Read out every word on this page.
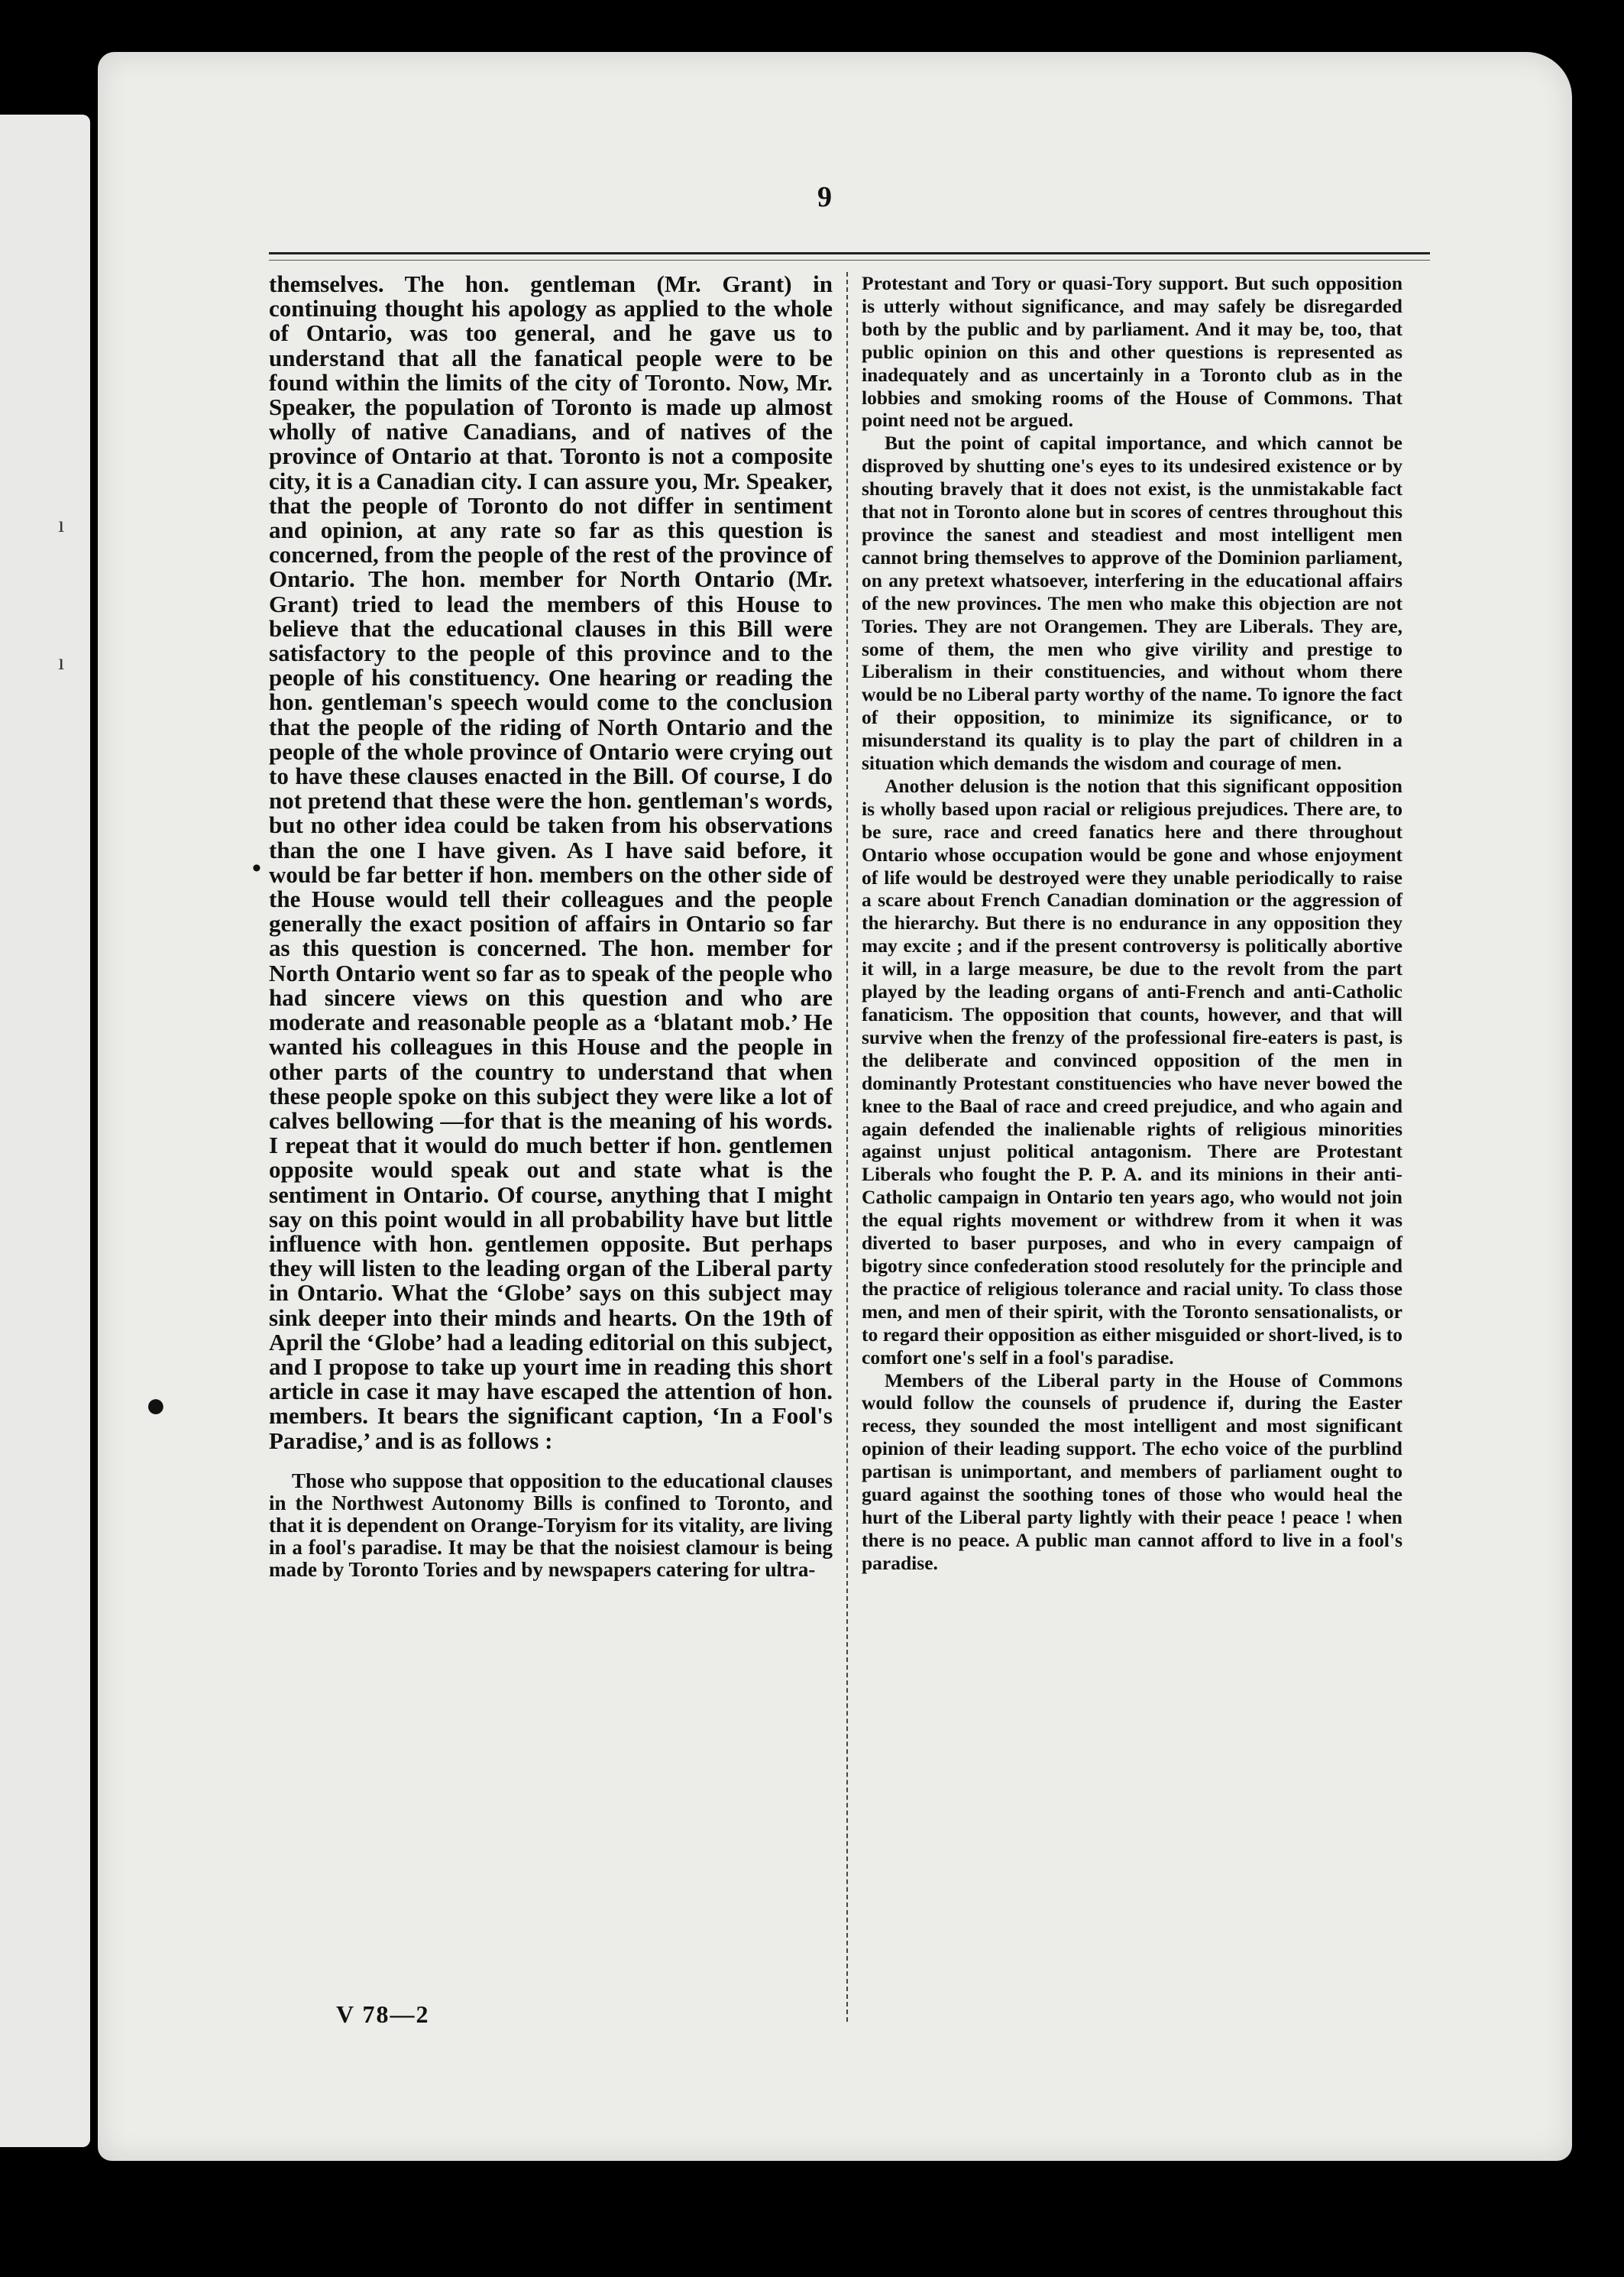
ı
ı
9

themselves. The hon. gentleman (Mr. Grant) in continuing thought his apology as applied to the whole of Ontario, was too general, and he gave us to understand that all the fanatical people were to be found within the limits of the city of Toronto. Now, Mr. Speaker, the population of Toronto is made up almost wholly of native Canadians, and of natives of the province of Ontario at that. Toronto is not a composite city, it is a Canadian city. I can assure you, Mr. Speaker, that the people of Toronto do not differ in sentiment and opinion, at any rate so far as this question is concerned, from the people of the rest of the province of Ontario. The hon. member for North Ontario (Mr. Grant) tried to lead the members of this House to believe that the educational clauses in this Bill were satisfactory to the people of this province and to the people of his constituency. One hearing or reading the hon. gentleman's speech would come to the conclusion that the people of the riding of North Ontario and the people of the whole province of Ontario were crying out to have these clauses enacted in the Bill. Of course, I do not pretend that these were the hon. gentleman's words, but no other idea could be taken from his observations than the one I have given. As I have said before, it would be far better if hon. members on the other side of the House would tell their colleagues and the people generally the exact position of affairs in Ontario so far as this question is concerned. The hon. member for North Ontario went so far as to speak of the people who had sincere views on this question and who are moderate and reasonable people as a ‘blatant mob.’ He wanted his colleagues in this House and the people in other parts of the country to understand that when these people spoke on this subject they were like a lot of calves bellowing —for that is the meaning of his words. I repeat that it would do much better if hon. gentlemen opposite would speak out and state what is the sentiment in Ontario. Of course, anything that I might say on this point would in all probability have but little influence with hon. gentlemen opposite. But perhaps they will listen to the leading organ of the Liberal party in Ontario. What the ‘Globe’ says on this subject may sink deeper into their minds and hearts. On the 19th of April the ‘Globe’ had a leading editorial on this subject, and I propose to take up yourt ime in reading this short article in case it may have escaped the attention of hon. members. It bears the significant caption, ‘In a Fool's Paradise,’ and is as follows :

Those who suppose that opposition to the educational clauses in the Northwest Autonomy Bills is confined to Toronto, and that it is dependent on Orange-Toryism for its vitality, are living in a fool's paradise. It may be that the noisiest clamour is being made by Toronto Tories and by newspapers catering for ultra-

Protestant and Tory or quasi-Tory support. But such opposition is utterly without significance, and may safely be disregarded both by the public and by parliament. And it may be, too, that public opinion on this and other questions is represented as inadequately and as uncertainly in a Toronto club as in the lobbies and smoking rooms of the House of Commons. That point need not be argued.

But the point of capital importance, and which cannot be disproved by shutting one's eyes to its undesired existence or by shouting bravely that it does not exist, is the unmistakable fact that not in Toronto alone but in scores of centres throughout this province the sanest and steadiest and most intelligent men cannot bring themselves to approve of the Dominion parliament, on any pretext whatsoever, interfering in the educational affairs of the new provinces. The men who make this objection are not Tories. They are not Orangemen. They are Liberals. They are, some of them, the men who give virility and prestige to Liberalism in their constituencies, and without whom there would be no Liberal party worthy of the name. To ignore the fact of their opposition, to minimize its significance, or to misunderstand its quality is to play the part of children in a situation which demands the wisdom and courage of men.

Another delusion is the notion that this significant opposition is wholly based upon racial or religious prejudices. There are, to be sure, race and creed fanatics here and there throughout Ontario whose occupation would be gone and whose enjoyment of life would be destroyed were they unable periodically to raise a scare about French Canadian domination or the aggression of the hierarchy. But there is no endurance in any opposition they may excite ; and if the present controversy is politically abortive it will, in a large measure, be due to the revolt from the part played by the leading organs of anti-French and anti-Catholic fanaticism. The opposition that counts, however, and that will survive when the frenzy of the professional fire-eaters is past, is the deliberate and convinced opposition of the men in dominantly Protestant constituencies who have never bowed the knee to the Baal of race and creed prejudice, and who again and again defended the inalienable rights of religious minorities against unjust political antagonism. There are Protestant Liberals who fought the P. P. A. and its minions in their anti-Catholic campaign in Ontario ten years ago, who would not join the equal rights movement or withdrew from it when it was diverted to baser purposes, and who in every campaign of bigotry since confederation stood resolutely for the principle and the practice of religious tolerance and racial unity. To class those men, and men of their spirit, with the Toronto sensationalists, or to regard their opposition as either misguided or short-lived, is to comfort one's self in a fool's paradise.

Members of the Liberal party in the House of Commons would follow the counsels of prudence if, during the Easter recess, they sounded the most intelligent and most significant opinion of their leading support. The echo voice of the purblind partisan is unimportant, and members of parliament ought to guard against the soothing tones of those who would heal the hurt of the Liberal party lightly with their peace ! peace ! when there is no peace. A public man cannot afford to live in a fool's paradise.

V 78—2
•
●
